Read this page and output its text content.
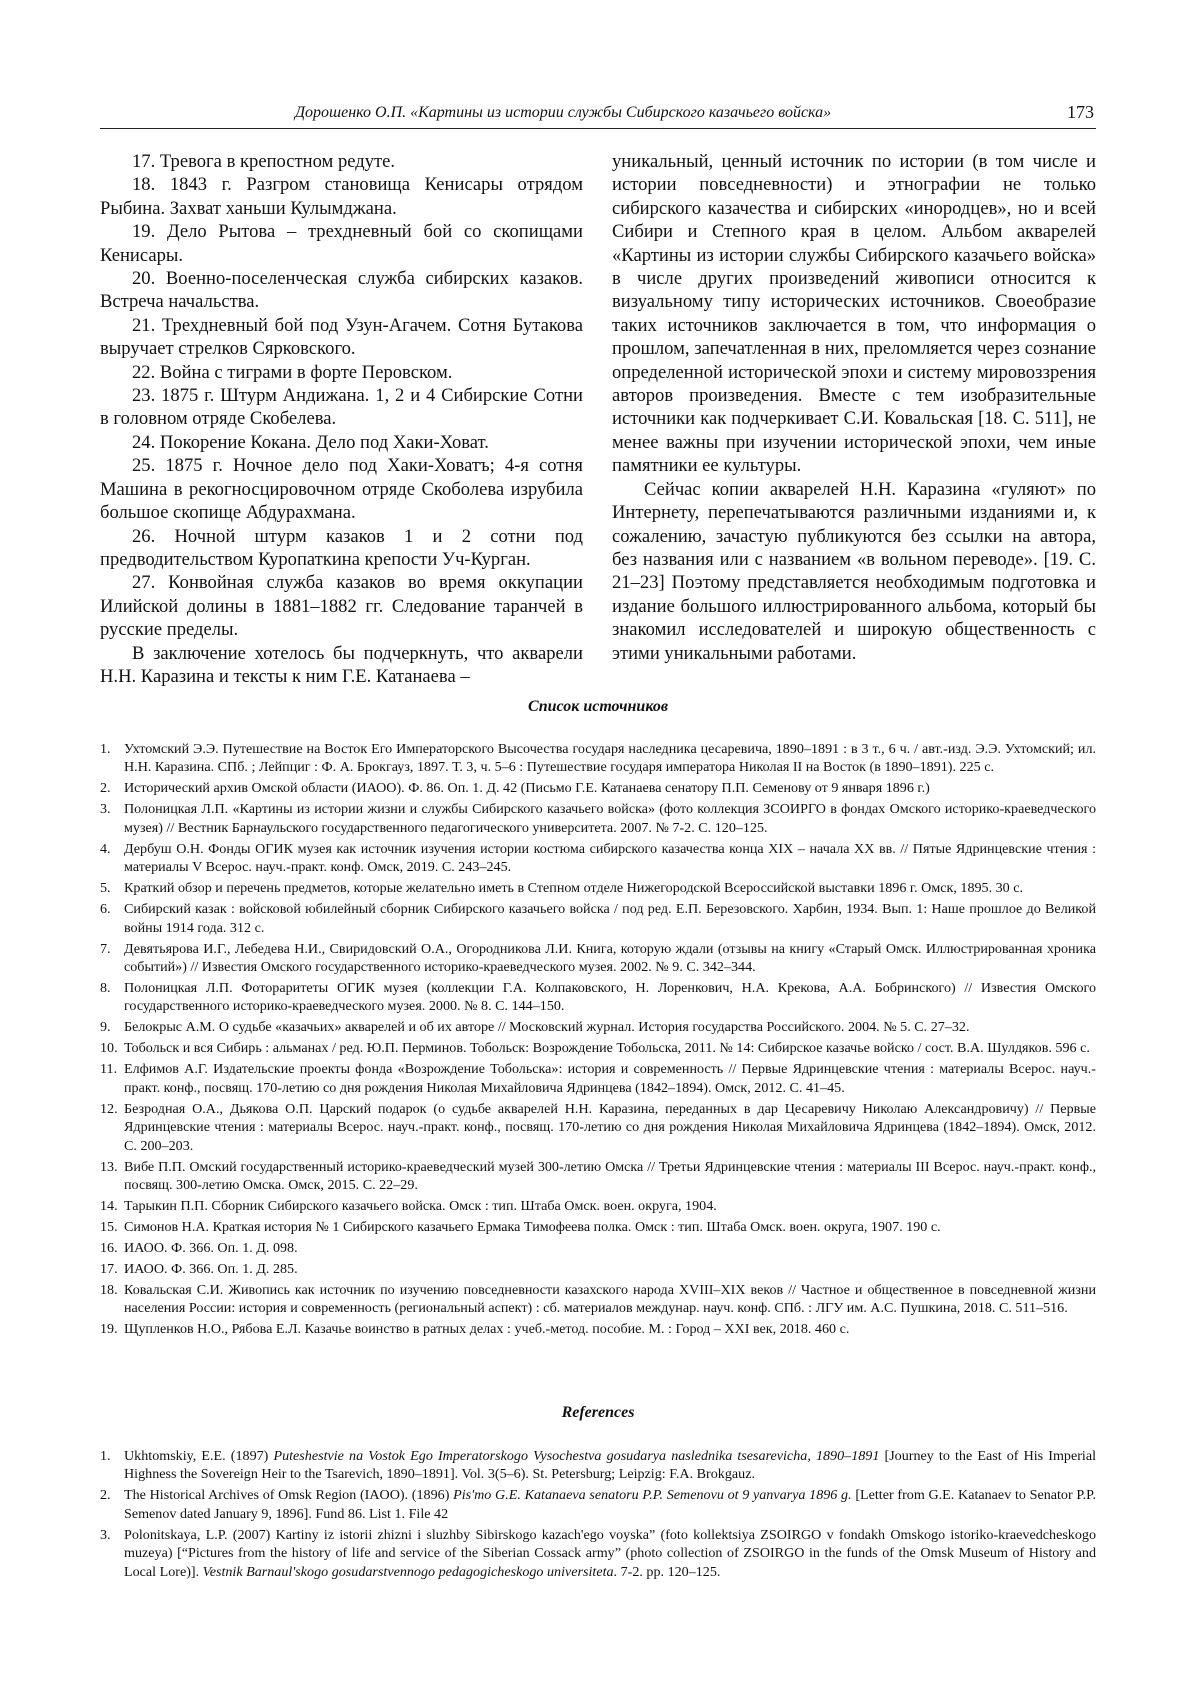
Дорошенко О.П. «Картины из истории службы Сибирского казачьего войска»	173

17. Тревога в крепостном редуте.

18. 1843 г. Разгром становища Кенисары отрядом Рыбина. Захват ханьши Кулымджана.

19. Дело Рытова – трехдневный бой со скопищами Кенисары.

20. Военно-поселенческая служба сибирских казаков. Встреча начальства.

21. Трехдневный бой под Узун-Агачем. Сотня Бутакова выручает стрелков Сярковского.

22. Война с тиграми в форте Перовском.

23. 1875 г. Штурм Андижана. 1, 2 и 4 Сибирские Сотни в головном отряде Скобелева.

24. Покорение Кокана. Дело под Хаки-Ховат.

25. 1875 г. Ночное дело под Хаки-Ховатъ; 4-я сотня Машина в рекогносцировочном отряде Скоболева изрубила большое скопище Абдурахмана.

26. Ночной штурм казаков 1 и 2 сотни под предводительством Куропаткина крепости Уч-Курган.

27. Конвойная служба казаков во время оккупации Илийской долины в 1881–1882 гг. Следование таранчей в русские пределы.

В заключение хотелось бы подчеркнуть, что акварели Н.Н. Каразина и тексты к ним Г.Е. Катанаева –

уникальный, ценный источник по истории (в том числе и истории повседневности) и этнографии не только сибирского казачества и сибирских «инородцев», но и всей Сибири и Степного края в целом. Альбом акварелей «Картины из истории службы Сибирского казачьего войска» в числе других произведений живописи относится к визуальному типу исторических источников. Своеобразие таких источников заключается в том, что информация о прошлом, запечатленная в них, преломляется через сознание определенной исторической эпохи и систему мировоззрения авторов произведения. Вместе с тем изобразительные источники как подчеркивает С.И. Ковальская [18. С. 511], не менее важны при изучении исторической эпохи, чем иные памятники ее культуры.

Сейчас копии акварелей Н.Н. Каразина «гуляют» по Интернету, перепечатываются различными изданиями и, к сожалению, зачастую публикуются без ссылки на автора, без названия или с названием «в вольном переводе». [19. С. 21–23] Поэтому представляется необходимым подготовка и издание большого иллюстрированного альбома, который бы знакомил исследователей и широкую общественность с этими уникальными работами.

Список источников
1. Ухтомский Э.Э. Путешествие на Восток Его Императорского Высочества государя наследника цесаревича, 1890–1891 : в 3 т., 6 ч. / авт.-изд. Э.Э. Ухтомский; ил. Н.Н. Каразина. СПб. ; Лейпциг : Ф. А. Брокгауз, 1897. Т. 3, ч. 5–6 : Путешествие государя императора Николая II на Восток (в 1890–1891). 225 с.
2. Исторический архив Омской области (ИАОО). Ф. 86. Оп. 1. Д. 42 (Письмо Г.Е. Катанаева сенатору П.П. Семенову от 9 января 1896 г.)
3. Полоницкая Л.П. «Картины из истории жизни и службы Сибирского казачьего войска» (фото коллекция ЗСОИРГО в фондах Омского историко-краеведческого музея) // Вестник Барнаульского государственного педагогического университета. 2007. № 7-2. С. 120–125.
4. Дербуш О.Н. Фонды ОГИК музея как источник изучения истории костюма сибирского казачества конца XIX – начала XX вв. // Пятые Ядринцевские чтения : материалы V Всерос. науч.-практ. конф. Омск, 2019. С. 243–245.
5. Краткий обзор и перечень предметов, которые желательно иметь в Степном отделе Нижегородской Всероссийской выставки 1896 г. Омск, 1895. 30 с.
6. Сибирский казак : войсковой юбилейный сборник Сибирского казачьего войска / под ред. Е.П. Березовского. Харбин, 1934. Вып. 1: Наше прошлое до Великой войны 1914 года. 312 с.
7. Девятьярова И.Г., Лебедева Н.И., Свиридовский О.А., Огородникова Л.И. Книга, которую ждали (отзывы на книгу «Старый Омск. Иллюстрированная хроника событий») // Известия Омского государственного историко-краеведческого музея. 2002. № 9. С. 342–344.
8. Полоницкая Л.П. Фотораритеты ОГИК музея (коллекции Г.А. Колпаковского, Н. Лоренкович, Н.А. Крекова, А.А. Бобринского) // Известия Омского государственного историко-краеведческого музея. 2000. № 8. С. 144–150.
9. Белокрыс А.М. О судьбе «казачьих» акварелей и об их авторе // Московский журнал. История государства Российского. 2004. № 5. С. 27–32.
10. Тобольск и вся Сибирь : альманах / ред. Ю.П. Перминов. Тобольск: Возрождение Тобольска, 2011. № 14: Сибирское казачье войско / сост. В.А. Шулдяков. 596 с.
11. Елфимов А.Г. Издательские проекты фонда «Возрождение Тобольска»: история и современность // Первые Ядринцевские чтения : материалы Всерос. науч.-практ. конф., посвящ. 170-летию со дня рождения Николая Михайловича Ядринцева (1842–1894). Омск, 2012. С. 41–45.
12. Безродная О.А., Дьякова О.П. Царский подарок (о судьбе акварелей Н.Н. Каразина, переданных в дар Цесаревичу Николаю Александровичу) // Первые Ядринцевские чтения : материалы Всерос. науч.-практ. конф., посвящ. 170-летию со дня рождения Николая Михайловича Ядринцева (1842–1894). Омск, 2012. С. 200–203.
13. Вибе П.П. Омский государственный историко-краеведческий музей 300-летию Омска // Третьи Ядринцевские чтения : материалы III Всерос. науч.-практ. конф., посвящ. 300-летию Омска. Омск, 2015. С. 22–29.
14. Тарыкин П.П. Сборник Сибирского казачьего войска. Омск : тип. Штаба Омск. воен. округа, 1904.
15. Симонов Н.А. Краткая история № 1 Сибирского казачьего Ермака Тимофеева полка. Омск : тип. Штаба Омск. воен. округа, 1907. 190 с.
16. ИАОО. Ф. 366. Оп. 1. Д. 098.
17. ИАОО. Ф. 366. Оп. 1. Д. 285.
18. Ковальская С.И. Живопись как источник по изучению повседневности казахского народа XVIII–XIX веков // Частное и общественное в повседневной жизни населения России: история и современность (региональный аспект) : сб. материалов междунар. науч. конф. СПб. : ЛГУ им. А.С. Пушкина, 2018. С. 511–516.
19. Щупленков Н.О., Рябова Е.Л. Казачье воинство в ратных делах : учеб.-метод. пособие. М. : Город – XXI век, 2018. 460 с.
References
1. Ukhtomskiy, E.E. (1897) Puteshestvie na Vostok Ego Imperatorskogo Vysochestva gosudarya naslednika tsesarevicha, 1890–1891 [Journey to the East of His Imperial Highness the Sovereign Heir to the Tsarevich, 1890–1891]. Vol. 3(5–6). St. Petersburg; Leipzig: F.A. Brokgauz.
2. The Historical Archives of Omsk Region (IAOO). (1896) Pis'mo G.E. Katanaeva senatoru P.P. Semenovu ot 9 yanvarya 1896 g. [Letter from G.E. Katanaev to Senator P.P. Semenov dated January 9, 1896]. Fund 86. List 1. File 42
3. Polonitskaya, L.P. (2007) Kartiny iz istorii zhizni i sluzhby Sibirskogo kazach'ego voyska” (foto kollektsiya ZSOIRGO v fondakh Omskogo istoriko-kraevedcheskogo muzeya) [“Pictures from the history of life and service of the Siberian Cossack army” (photo collection of ZSOIRGO in the funds of the Omsk Museum of History and Local Lore)]. Vestnik Barnaul'skogo gosudarstvennogo pedagogicheskogo universiteta. 7-2. pp. 120–125.
